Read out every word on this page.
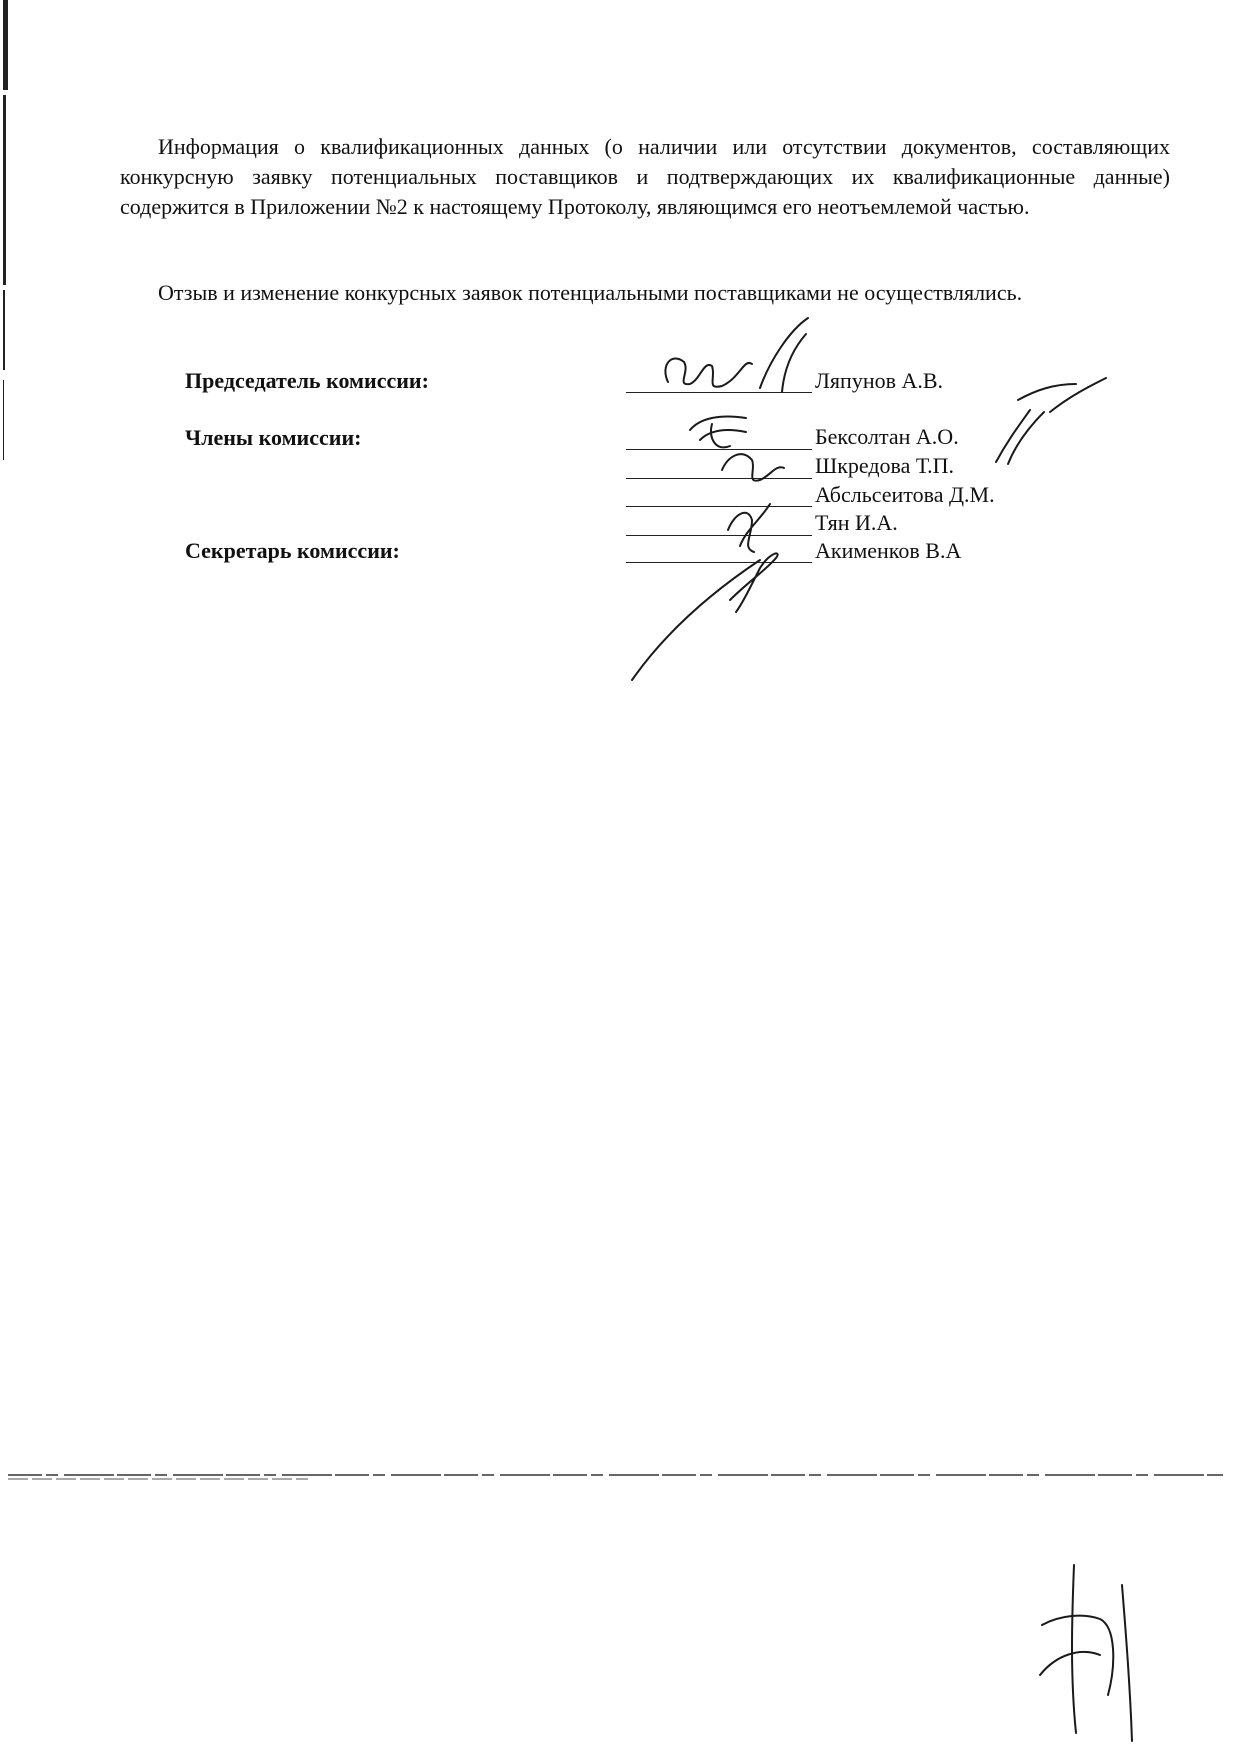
Информация о квалификационных данных (о наличии или отсутствии документов, составляющих конкурсную заявку потенциальных поставщиков и подтверждающих их квалификационные данные) содержится в Приложении №2 к настоящему Протоколу, являющимся его неотъемлемой частью.

Отзыв и изменение конкурсных заявок потенциальными поставщиками не осуществлялись.

Председатель комиссии:
Члены комиссии:
Секретарь комиссии:
Ляпунов А.В.
Бексолтан А.О.
Шкредова Т.П.
Абсльсеитова Д.М.
Тян И.А.
Акименков В.А
